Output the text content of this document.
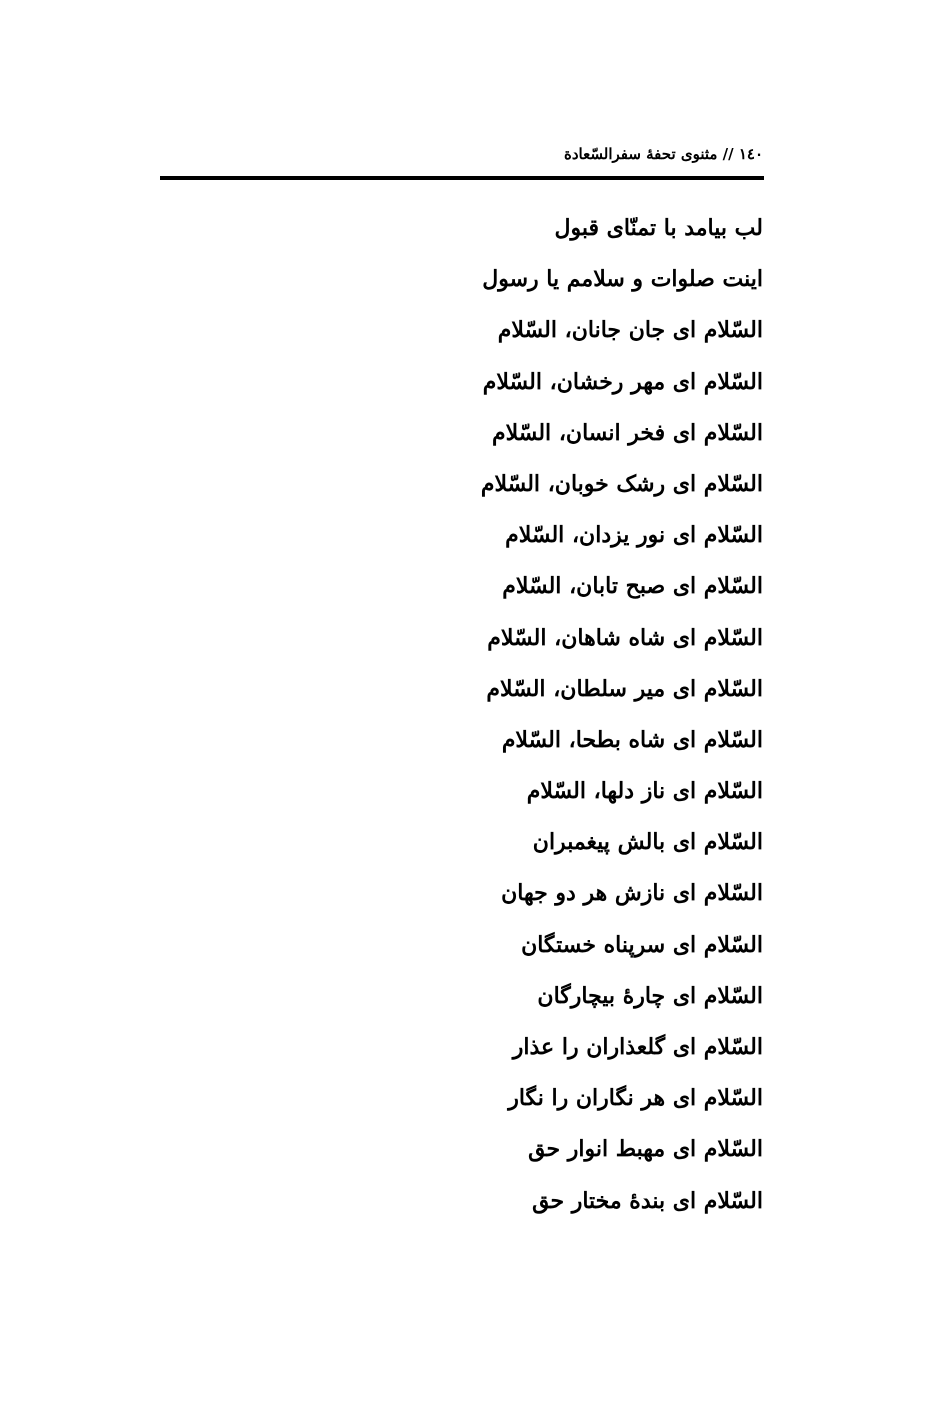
١٤٠ // مثنوی تحفۀ سفرالسّعادة
لب بیامد با تمنّای قبول
اینت صلوات و سلامم یا رسول
السّلام ای جان جانان، السّلام
السّلام ای مهر رخشان، السّلام
السّلام ای فخر انسان، السّلام
السّلام ای رشک خوبان، السّلام
السّلام ای نور یزدان، السّلام
السّلام ای صبح تابان، السّلام
السّلام ای شاه شاهان، السّلام
السّلام ای میر سلطان، السّلام
السّلام ای شاه بطحا، السّلام
السّلام ای ناز دلها، السّلام
السّلام ای بالش پیغمبران
السّلام ای نازش هر دو جهان
السّلام ای سرپناه خستگان
السّلام ای چارۀ بیچارگان
السّلام ای گلعذاران را عذار
السّلام ای هر نگاران را نگار
السّلام ای مهبط انوار حق
السّلام ای بندۀ مختار حق
